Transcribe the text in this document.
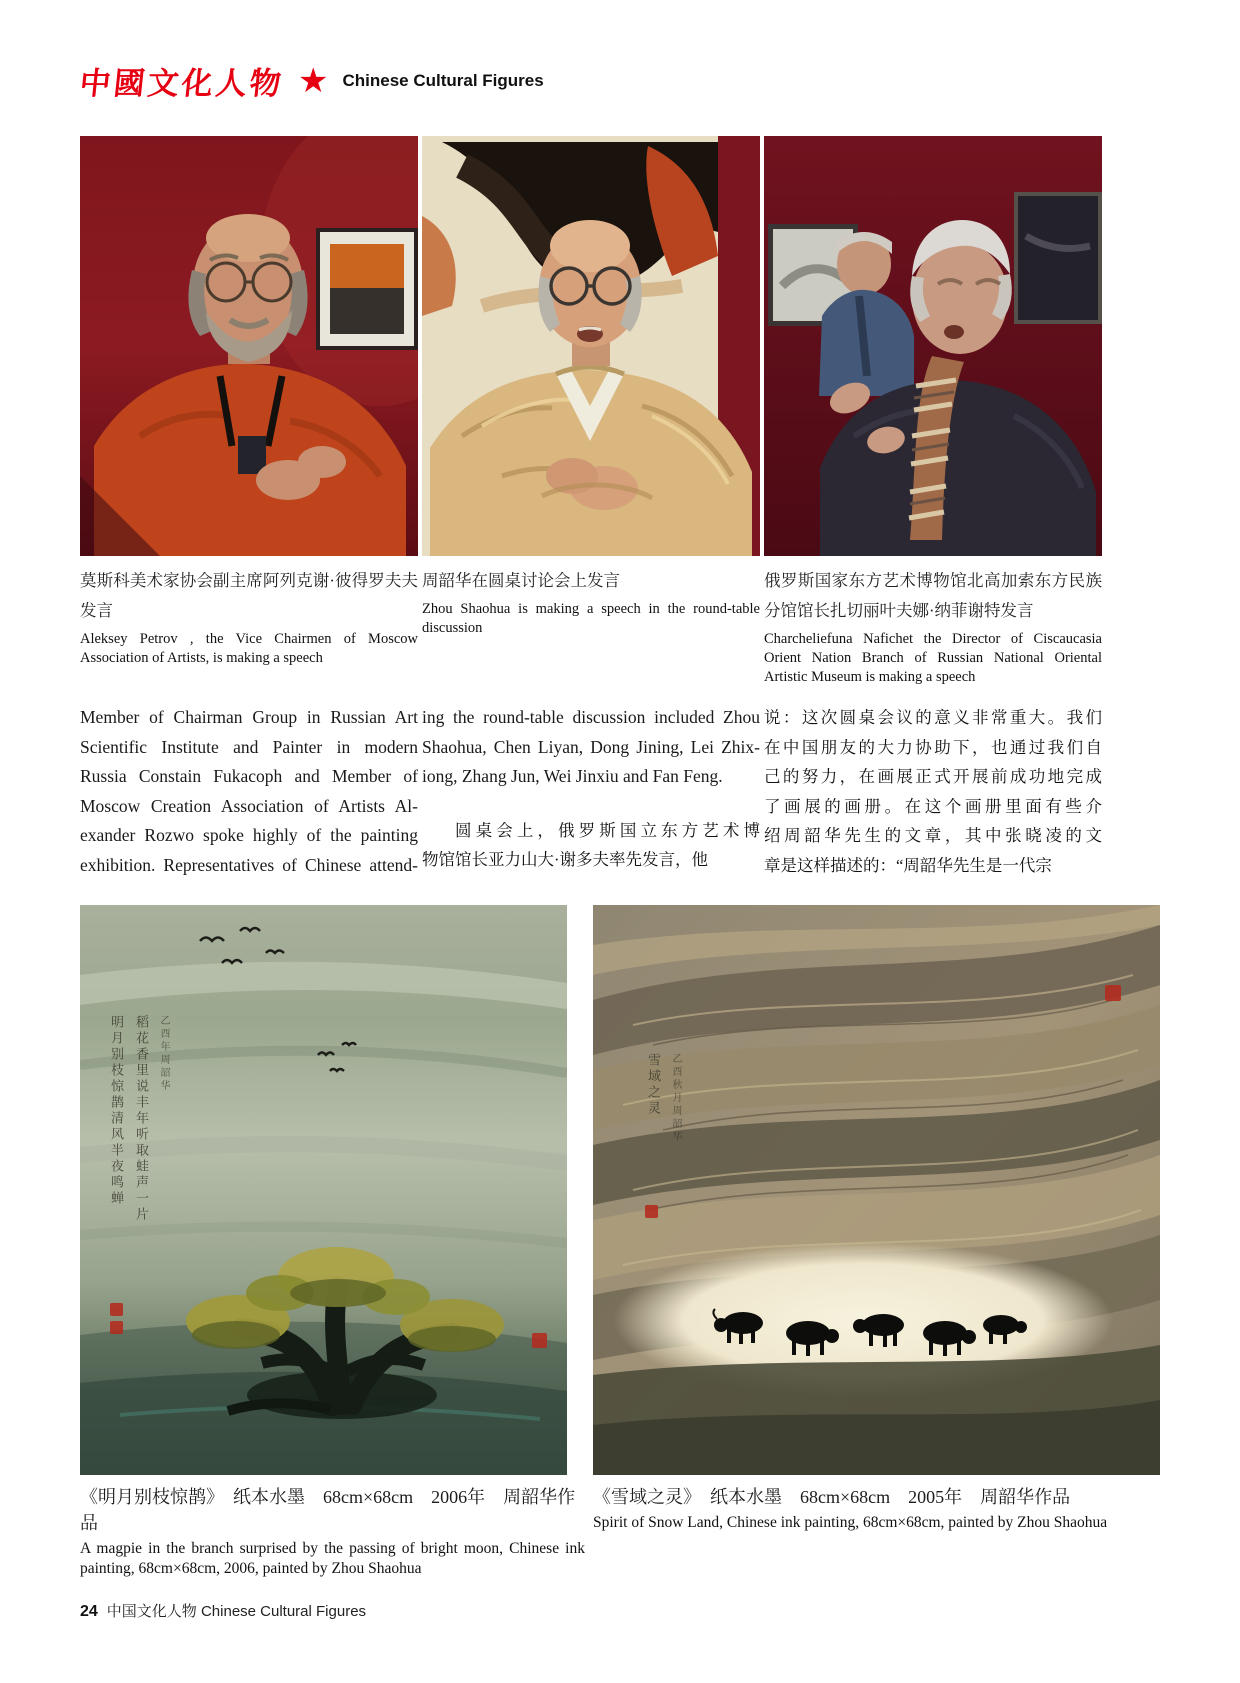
中國文化人物 ★ Chinese Cultural Figures
莫斯科美术家协会副主席阿列克谢·彼得罗夫夫发言
Aleksey Petrov , the Vice Chairmen of Moscow Association of Artists, is making a speech
周韶华在圆桌讨论会上发言
Zhou Shaohua is making a speech in the round-table discussion
俄罗斯国家东方艺术博物馆北高加索东方民族分馆馆长扎切丽叶夫娜·纳菲谢特发言
Charcheliefuna Nafichet the Director of Ciscaucasia Orient Nation Branch of Russian National Oriental Artistic Museum is making a speech
Member of Chairman Group in Russian Art
Scientific Institute and Painter in modern
Russia Constain Fukacoph and Member of
Moscow Creation Association of Artists Al-
exander Rozwo spoke highly of the painting
exhibition. Representatives of Chinese attend-
ing the round-table discussion included Zhou
Shaohua, Chen Liyan, Dong Jining, Lei Zhix-
iong, Zhang Jun, Wei Jinxiu and Fan Feng.
圆桌会上，俄罗斯国立东方艺术博
物馆馆长亚力山大·谢多夫率先发言，他
说：这次圆桌会议的意义非常重大。我们
在中国朋友的大力协助下，也通过我们自
己的努力，在画展正式开展前成功地完成
了画展的画册。在这个画册里面有些介
绍周韶华先生的文章，其中张晓凌的文
章是这样描述的：“周韶华先生是一代宗
明月别枝惊鹊清风半夜鸣蝉 稻花香里说丰年听取蛙声一片 乙酉年周韶华	雪域之灵 乙酉秋月周韶华
《明月别枝惊鹊》　纸本水墨　68cm×68cm　2006年　周韶华作品
A magpie in the branch surprised by the passing of bright moon, Chinese ink painting, 68cm×68cm, 2006, painted by Zhou Shaohua
《雪域之灵》　纸本水墨　68cm×68cm　2005年　周韶华作品
Spirit of Snow Land, Chinese ink painting, 68cm×68cm, painted by Zhou Shaohua
24 中国文化人物 Chinese Cultural Figures
